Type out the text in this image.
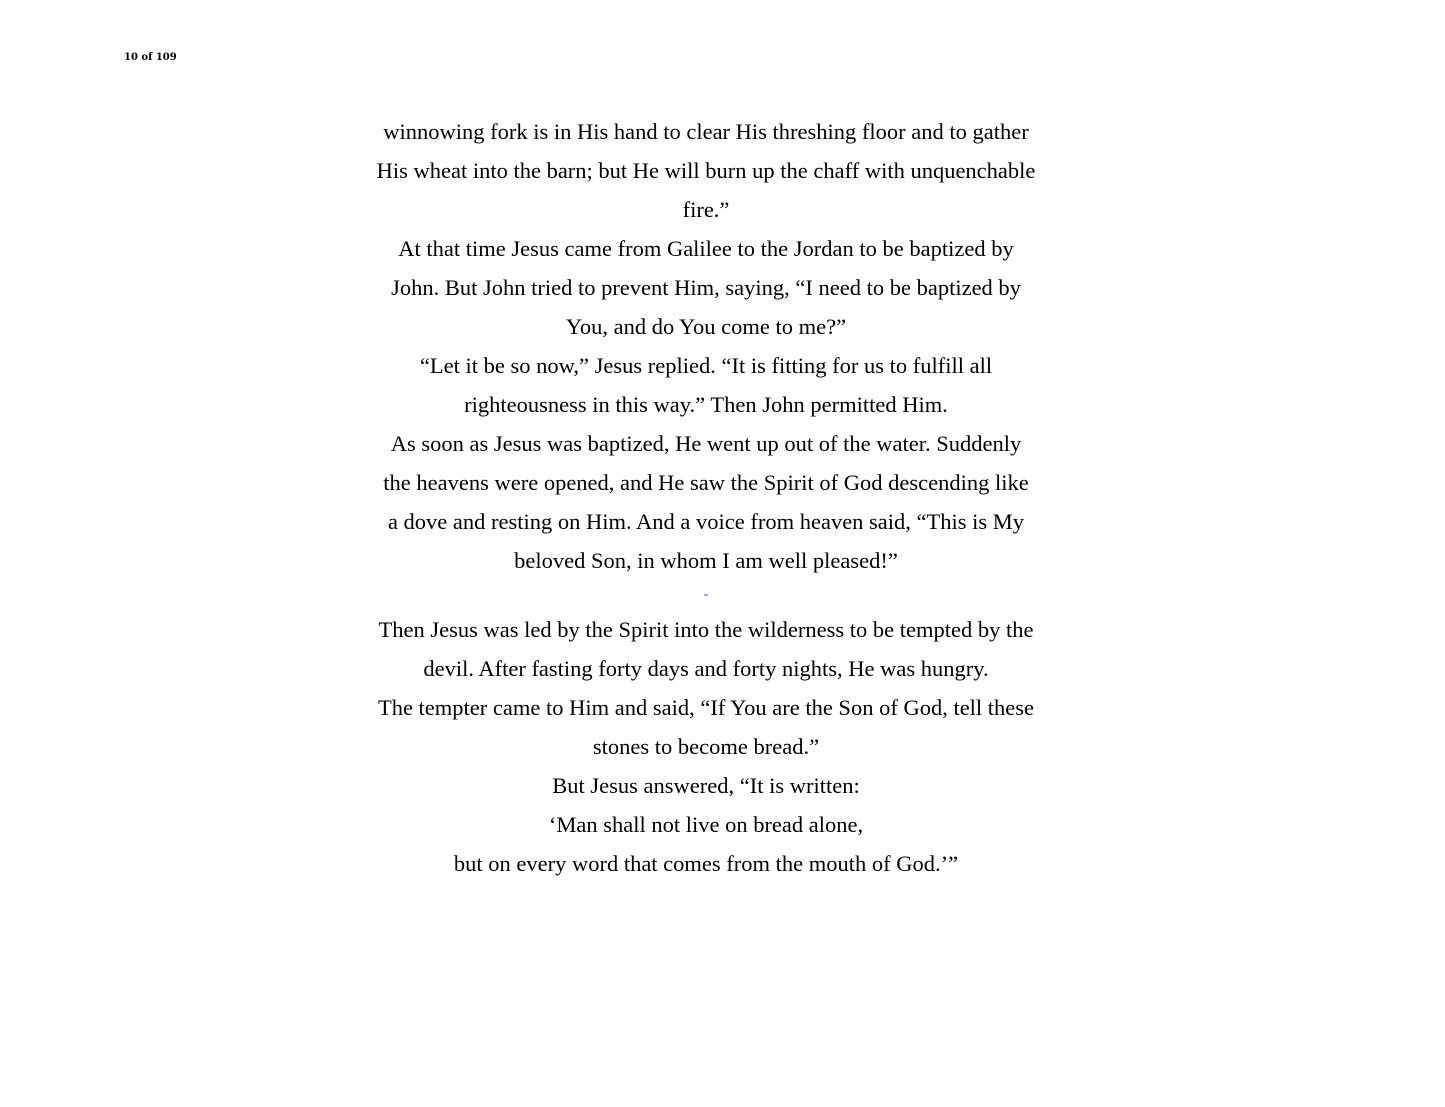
10 of 109

winnowing fork is in His hand to clear His threshing floor and to gather His wheat into the barn; but He will burn up the chaff with unquenchable fire.”

At that time Jesus came from Galilee to the Jordan to be baptized by John. But John tried to prevent Him, saying, “I need to be baptized by You, and do You come to me?”

“Let it be so now,” Jesus replied. “It is fitting for us to fulfill all righteousness in this way.” Then John permitted Him.

As soon as Jesus was baptized, He went up out of the water. Suddenly the heavens were opened, and He saw the Spirit of God descending like a dove and resting on Him. And a voice from heaven said, “This is My beloved Son, in whom I am well pleased!”

-

Then Jesus was led by the Spirit into the wilderness to be tempted by the devil. After fasting forty days and forty nights, He was hungry.

The tempter came to Him and said, “If You are the Son of God, tell these stones to become bread.”

But Jesus answered, “It is written:

‘Man shall not live on bread alone,

but on every word that comes from the mouth of God.’”
